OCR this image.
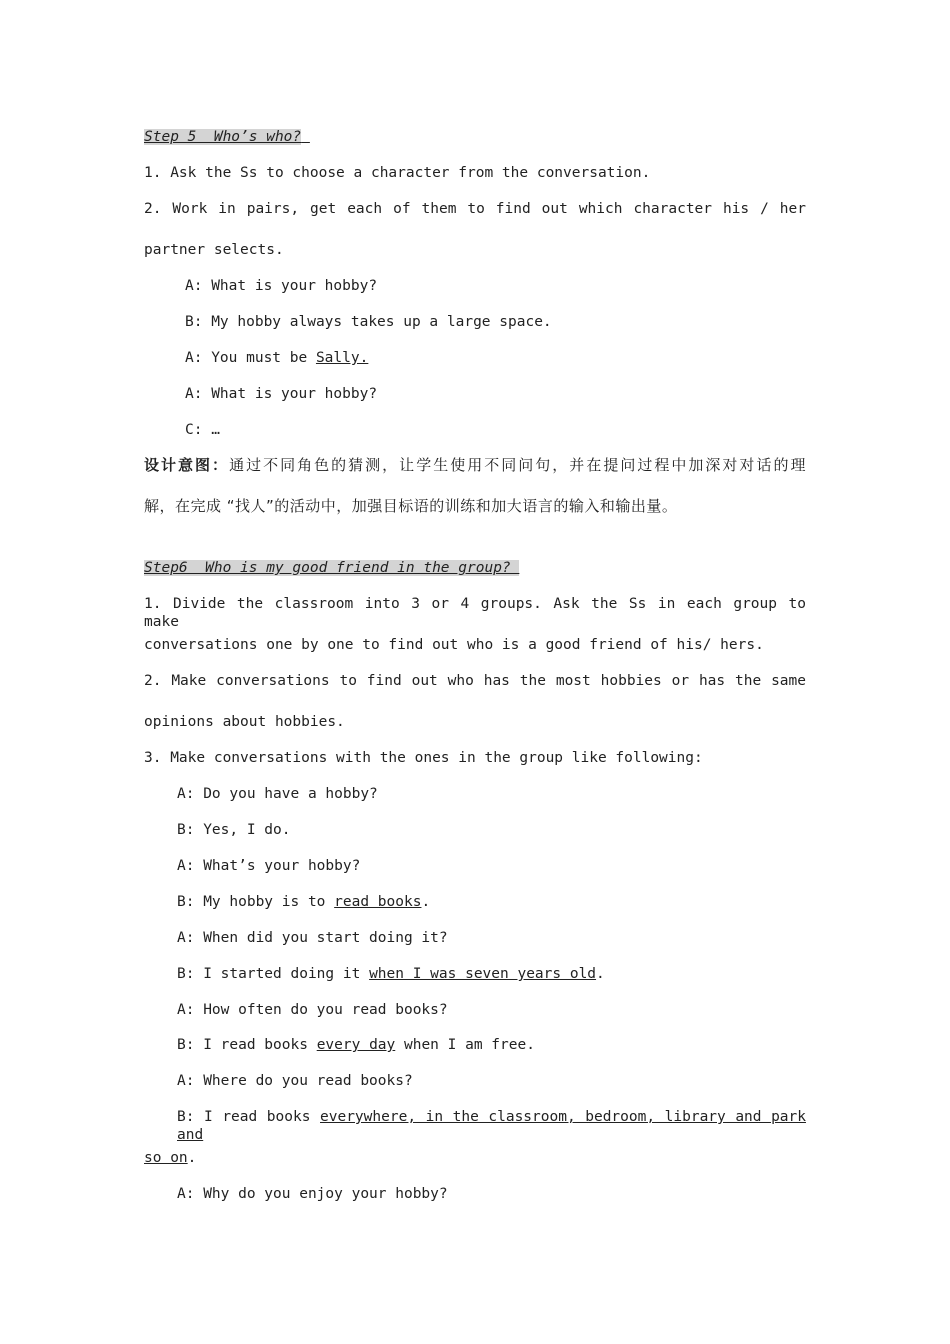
Step 5  Who’s who?
1. Ask the Ss to choose a character from the conversation.
2. Work in pairs, get each of them to find out which character his / her
partner selects.
A: What is your hobby?
B: My hobby always takes up a large space.
A: You must be Sally.
A: What is your hobby?
C: …
设计意图：通过不同角色的猜测，让学生使用不同问句，并在提问过程中加深对对话的理
解，在完成 “找人”的活动中，加强目标语的训练和加大语言的输入和输出量。
Step6  Who is my good friend in the group?
1. Divide the classroom into 3 or 4 groups. Ask the Ss in each group to make
conversations one by one to find out who is a good friend of his/ hers.
2. Make conversations to find out who has the most hobbies or has the same
opinions about hobbies.
3. Make conversations with the ones in the group like following:
A: Do you have a hobby?
B: Yes, I do.
A: What’s your hobby?
B: My hobby is to read books.
A: When did you start doing it?
B: I started doing it when I was seven years old.
A: How often do you read books?
B: I read books every day when I am free.
A: Where do you read books?
B: I read books everywhere, in the classroom, bedroom, library and park and
so on.
A: Why do you enjoy your hobby?
